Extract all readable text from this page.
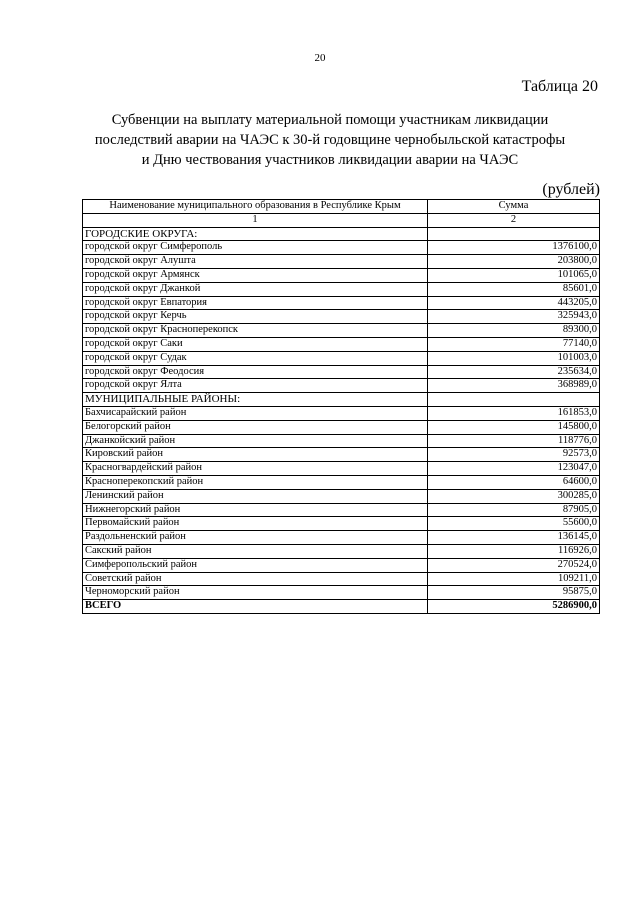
20
Таблица 20
Субвенции на выплату материальной помощи участникам ликвидации
последствий аварии на ЧАЭС к 30-й годовщине чернобыльской катастрофы
и Дню чествования участников ликвидации аварии на ЧАЭС
(рублей)
Наименование муниципального образования в Республике Крым	Сумма
1	2
ГОРОДСКИЕ ОКРУГА:	
городской округ Симферополь	1376100,0
городской округ Алушта	203800,0
городской округ Армянск	101065,0
городской округ Джанкой	85601,0
городской округ Евпатория	443205,0
городской округ Керчь	325943,0
городской округ Красноперекопск	89300,0
городской округ Саки	77140,0
городской округ Судак	101003,0
городской округ Феодосия	235634,0
городской округ Ялта	368989,0
МУНИЦИПАЛЬНЫЕ РАЙОНЫ:	
Бахчисарайский район	161853,0
Белогорский район	145800,0
Джанкойский район	118776,0
Кировский район	92573,0
Красногвардейский район	123047,0
Красноперекопский район	64600,0
Ленинский район	300285,0
Нижнегорский район	87905,0
Первомайский район	55600,0
Раздольненский район	136145,0
Сакский район	116926,0
Симферопольский район	270524,0
Советский район	109211,0
Черноморский район	95875,0
ВСЕГО	5286900,0
